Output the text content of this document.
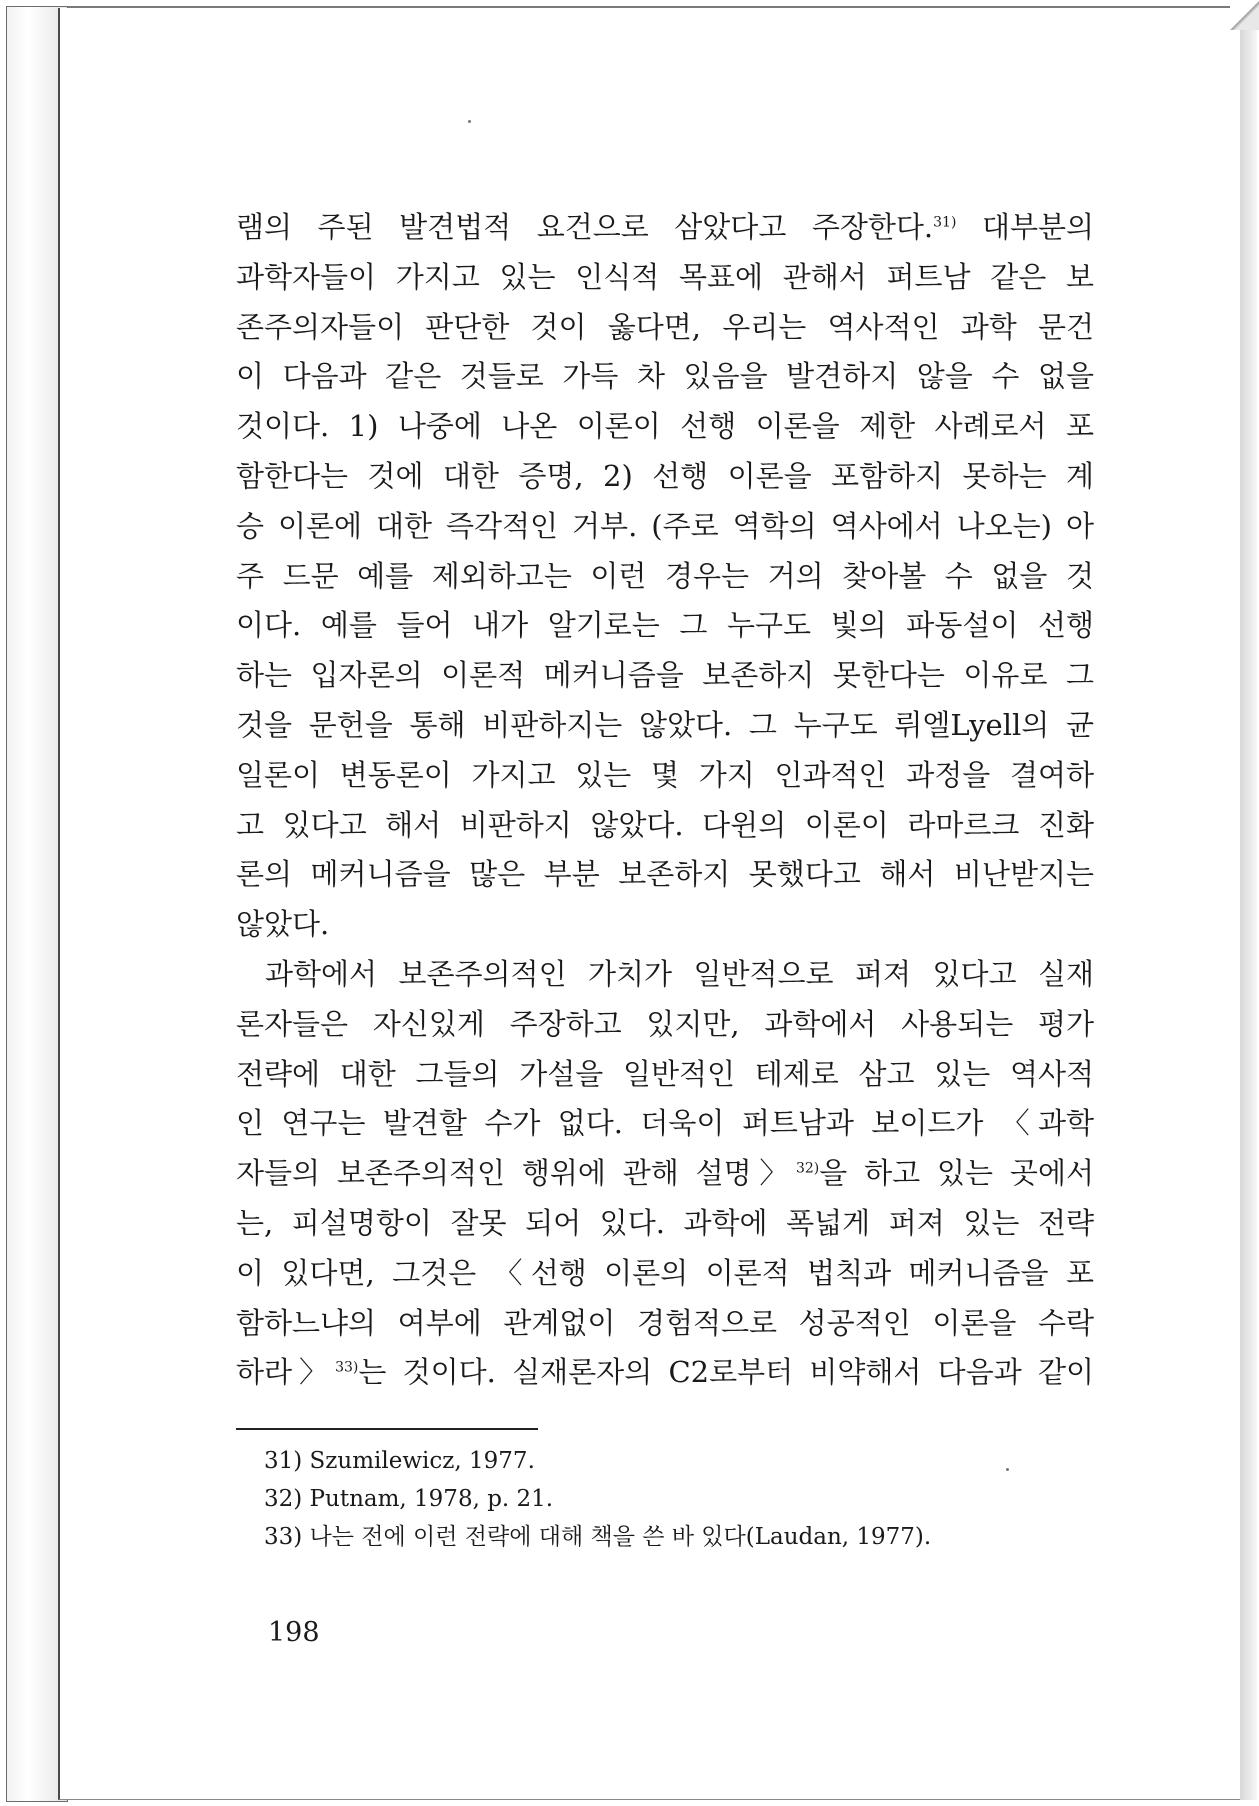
램의 주된 발견법적 요건으로 삼았다고 주장한다.$^{31)}$ 대부분의
과학자들이 가지고 있는 인식적 목표에 관해서 퍼트남 같은 보
존주의자들이 판단한 것이 옳다면, 우리는 역사적인 과학 문건
이 다음과 같은 것들로 가득 차 있음을 발견하지 않을 수 없을
것이다. 1) 나중에 나온 이론이 선행 이론을 제한 사례로서 포
함한다는 것에 대한 증명, 2) 선행 이론을 포함하지 못하는 계
승 이론에 대한 즉각적인 거부. (주로 역학의 역사에서 나오는) 아
주 드문 예를 제외하고는 이런 경우는 거의 찾아볼 수 없을 것
이다. 예를 들어 내가 알기로는 그 누구도 빛의 파동설이 선행
하는 입자론의 이론적 메커니즘을 보존하지 못한다는 이유로 그
것을 문헌을 통해 비판하지는 않았다. 그 누구도 뤼엘Lyell의 균
일론이 변동론이 가지고 있는 몇 가지 인과적인 과정을 결여하
고 있다고 해서 비판하지 않았다. 다윈의 이론이 라마르크 진화
론의 메커니즘을 많은 부분 보존하지 못했다고 해서 비난받지는
않았다.
과학에서 보존주의적인 가치가 일반적으로 퍼져 있다고 실재
론자들은 자신있게 주장하고 있지만, 과학에서 사용되는 평가
전략에 대한 그들의 가설을 일반적인 테제로 삼고 있는 역사적
인 연구는 발견할 수가 없다. 더욱이 퍼트남과 보이드가 〈과학
자들의 보존주의적인 행위에 관해 설명〉$^{32)}$을 하고 있는 곳에서
는, 피설명항이 잘못 되어 있다. 과학에 폭넓게 퍼져 있는 전략
이 있다면, 그것은 〈선행 이론의 이론적 법칙과 메커니즘을 포
함하느냐의 여부에 관계없이 경험적으로 성공적인 이론을 수락
하라〉$^{33)}$는 것이다. 실재론자의 C2로부터 비약해서 다음과 같이
31) Szumilewicz, 1977.
32) Putnam, 1978, p. 21.
33) 나는 전에 이런 전략에 대해 책을 쓴 바 있다(Laudan, 1977).
198
